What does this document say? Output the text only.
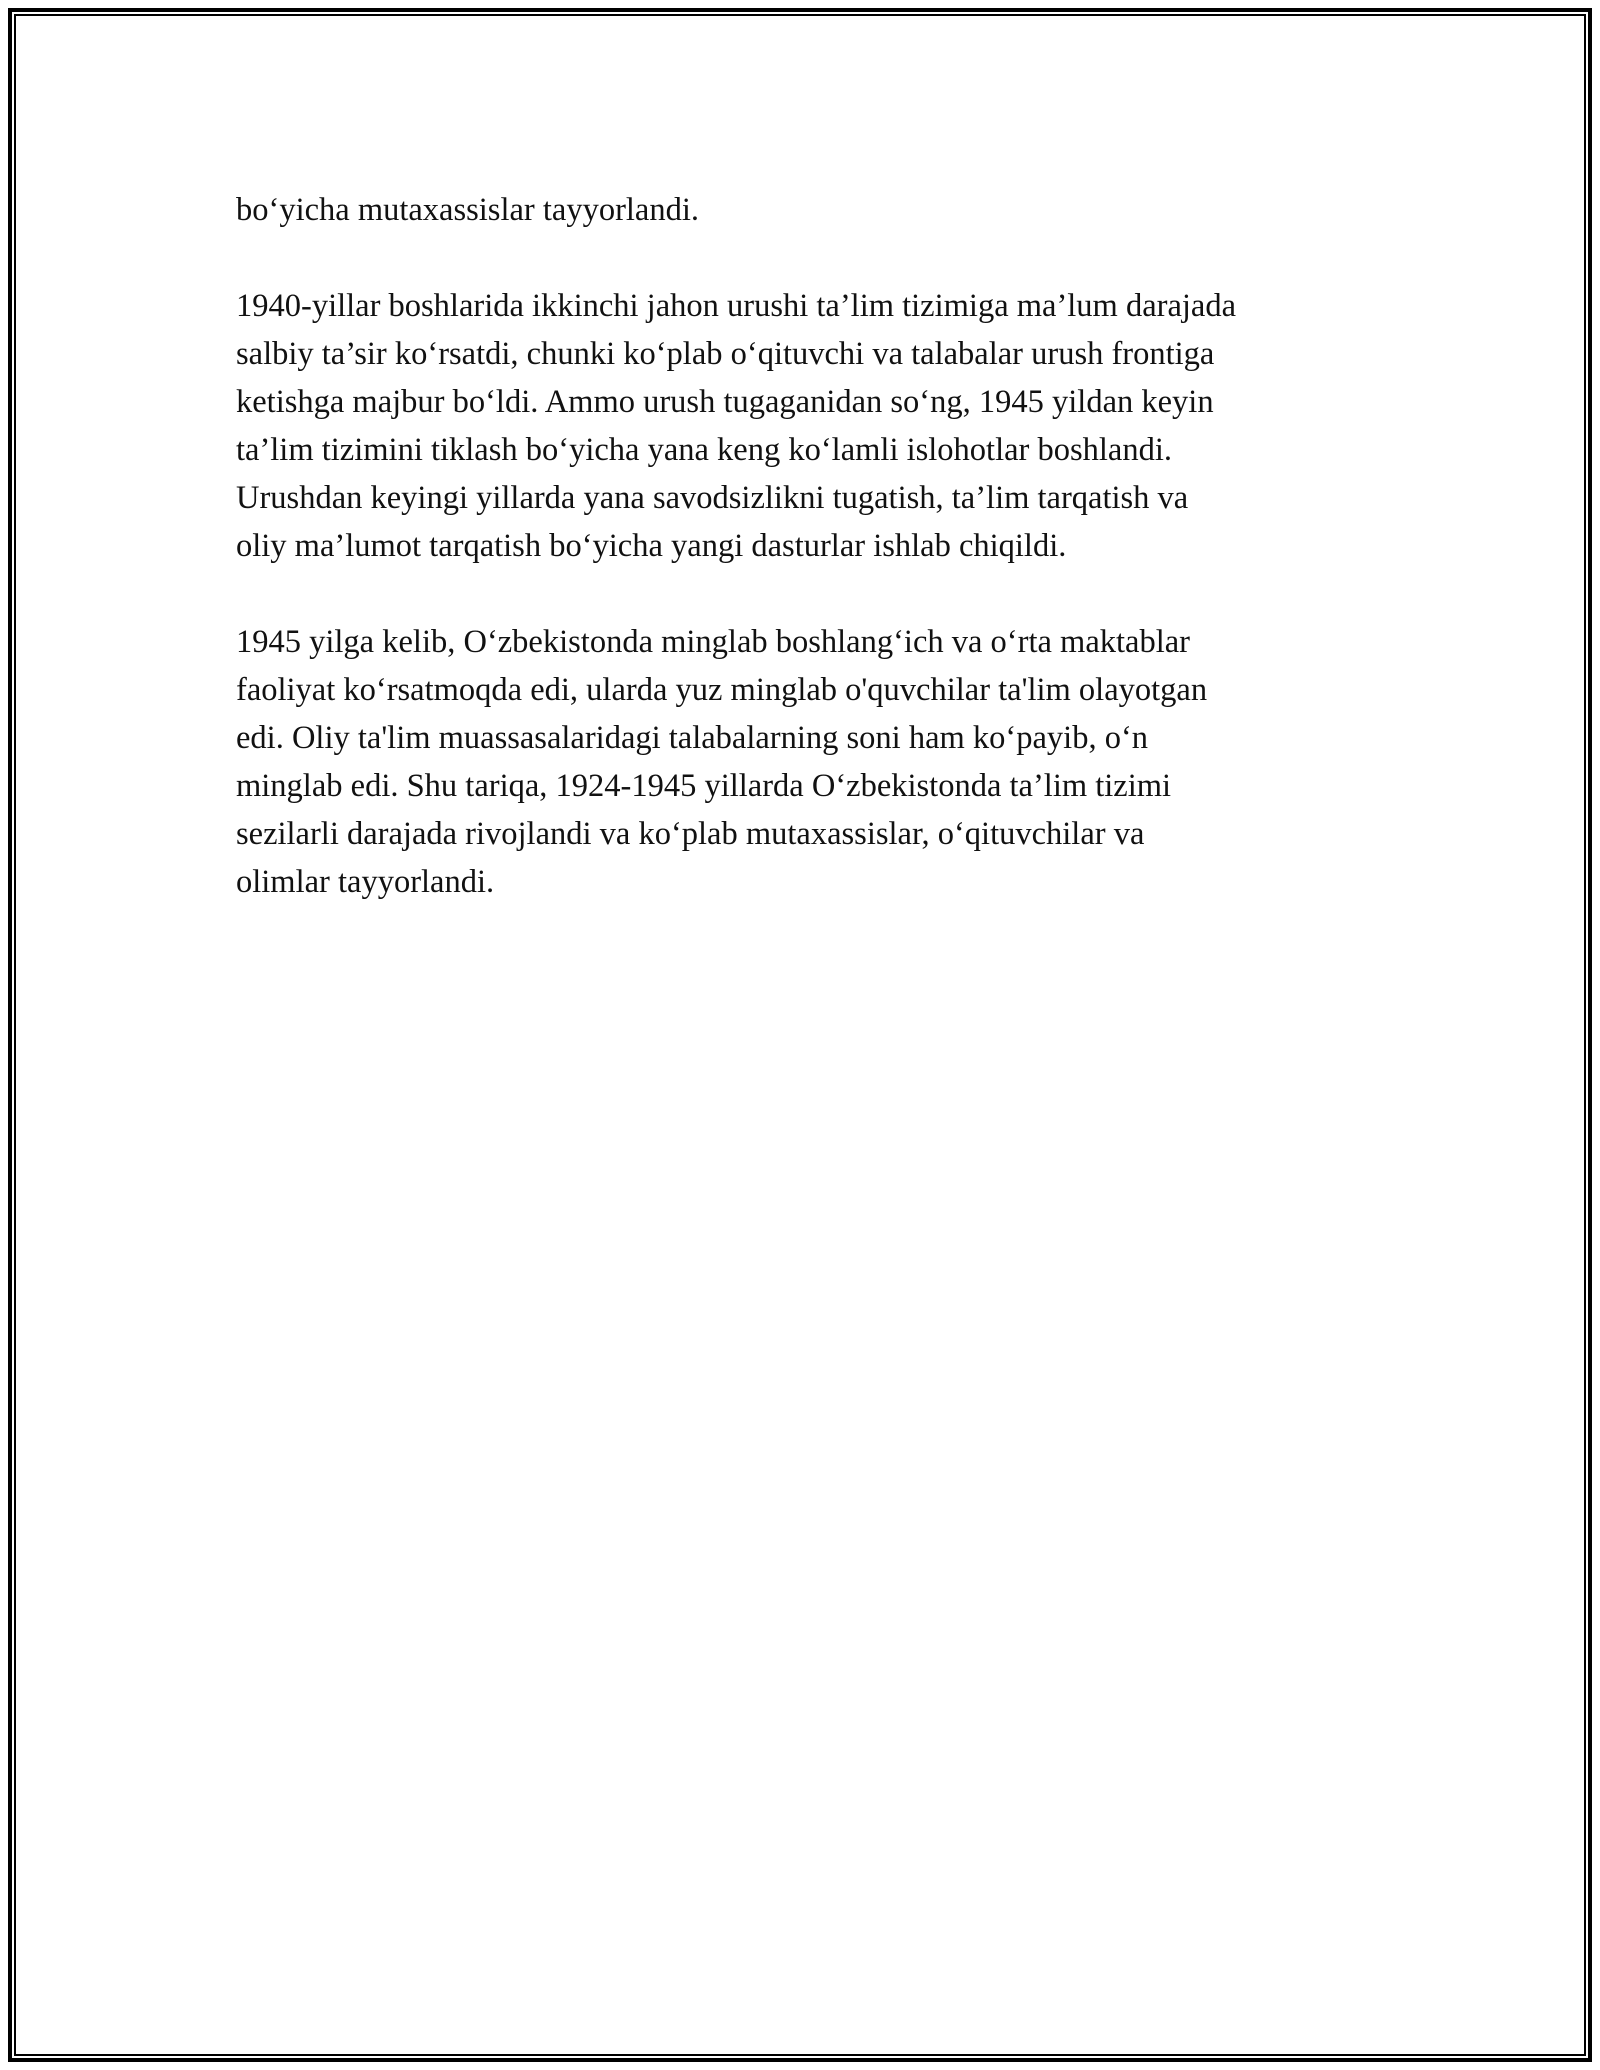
bo‘yicha mutaxassislar tayyorlandi.

1940-yillar boshlarida ikkinchi jahon urushi ta’lim tizimiga ma’lum darajada
salbiy ta’sir ko‘rsatdi, chunki ko‘plab o‘qituvchi va talabalar urush frontiga
ketishga majbur bo‘ldi. Ammo urush tugaganidan so‘ng, 1945 yildan keyin
ta’lim tizimini tiklash bo‘yicha yana keng ko‘lamli islohotlar boshlandi.
Urushdan keyingi yillarda yana savodsizlikni tugatish, ta’lim tarqatish va
oliy ma’lumot tarqatish bo‘yicha yangi dasturlar ishlab chiqildi.

1945 yilga kelib, O‘zbekistonda minglab boshlang‘ich va o‘rta maktablar
faoliyat ko‘rsatmoqda edi, ularda yuz minglab o'quvchilar ta'lim olayotgan
edi. Oliy ta'lim muassasalaridagi talabalarning soni ham ko‘payib, o‘n
minglab edi. Shu tariqa, 1924-1945 yillarda O‘zbekistonda ta’lim tizimi
sezilarli darajada rivojlandi va ko‘plab mutaxassislar, o‘qituvchilar va
olimlar tayyorlandi.
